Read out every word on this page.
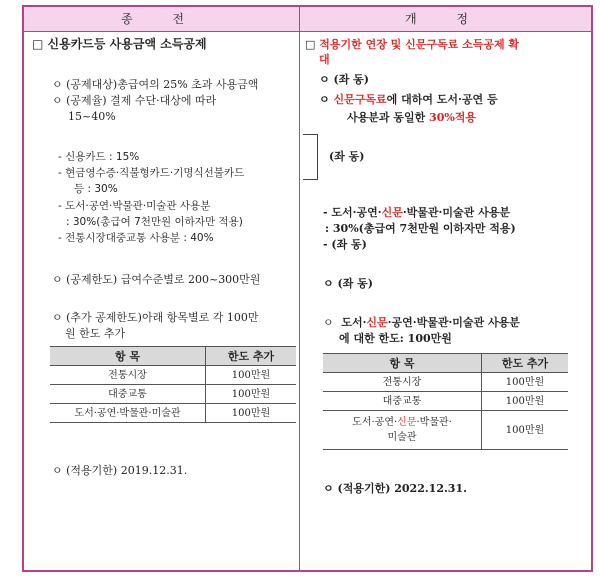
종 전	개 정
□ 신용카드등 사용금액 소득공제
ㅇ (공제대상)총급여의 25% 초과 사용금액
ㅇ (공제율) 결제 수단·대상에 따라
15~40%
- 신용카드 : 15%
- 현금영수증·직불형카드·기명식선불카드
등 : 30%
- 도서·공연·박물관·미술관 사용분
: 30%(총급여 7천만원 이하자만 적용)
- 전통시장대중교통 사용분 : 40%
ㅇ (공제한도) 급여수준별로 200~300만원
ㅇ (추가 공제한도)아래 항목별로 각 100만
원 한도 추가
항 목	한도 추가
전통시장	100만원
대중교통	100만원
도서·공연·박물관·미술관	100만원
ㅇ (적용기한) 2019.12.31.
□ 적용기한 연장 및 신문구독료 소득공제 확
대
ㅇ (좌 동)
ㅇ 신문구독료에 대하여 도서·공연 등
사용분과 동일한 30%적용
(좌 동)
- 도서·공연·신문·박물관·미술관 사용분
: 30%(총급여 7천만원 이하자만 적용)
- (좌 동)
ㅇ (좌 동)
ㅇ 도서·신문·공연·박물관·미술관 사용분
에 대한 한도: 100만원
항 목	한도 추가
전통시장	100만원
대중교통	100만원
도서·공연·신문·박물관·
미술관	100만원
ㅇ (적용기한) 2022.12.31.
